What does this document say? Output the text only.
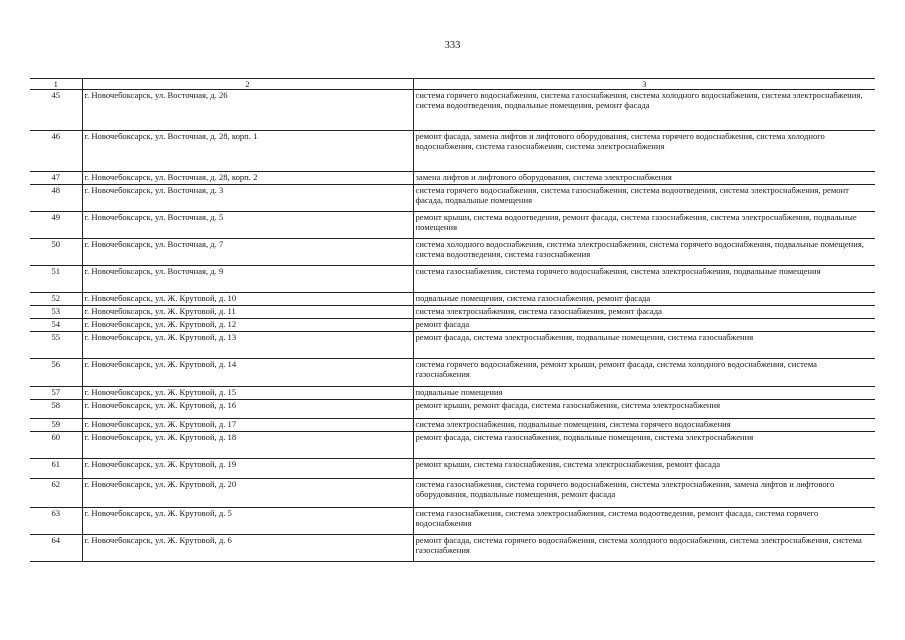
333
1	2	3
45	г. Новочебоксарск, ул. Восточная, д. 26	система горячего водоснабжения, система газоснабжения, система холодного водоснабжения, система электроснабжения, система водоотведения, подвальные помещения, ремонт фасада
46	г. Новочебоксарск, ул. Восточная, д. 28, корп. 1	ремонт фасада, замена лифтов и лифтового оборудования, система горячего водоснабжения, система холодного водоснабжения, система газоснабжения, система электроснабжения
47	г. Новочебоксарск, ул. Восточная, д. 28, корп. 2	замена лифтов и лифтового оборудования, система электроснабжения
48	г. Новочебоксарск, ул. Восточная, д. 3	система горячего водоснабжения, система газоснабжения, система водоотведения, система электроснабжения, ремонт фасада, подвальные помещения
49	г. Новочебоксарск, ул. Восточная, д. 5	ремонт крыши, система водоотведения, ремонт фасада, система газоснабжения, система электроснабжения, подвальные помещения
50	г. Новочебоксарск, ул. Восточная, д. 7	система холодного водоснабжения, система электроснабжения, система горячего водоснабжения, подвальные помещения, система водоотведения, система газоснабжения
51	г. Новочебоксарск, ул. Восточная, д. 9	система газоснабжения, система горячего водоснабжения, система электроснабжения, подвальные помещения
52	г. Новочебоксарск, ул. Ж. Крутовой, д. 10	подвальные помещения, система газоснабжения, ремонт фасада
53	г. Новочебоксарск, ул. Ж. Крутовой, д. 11	система электроснабжения, система газоснабжения, ремонт фасада
54	г. Новочебоксарск, ул. Ж. Крутовой, д. 12	ремонт фасада
55	г. Новочебоксарск, ул. Ж. Крутовой, д. 13	ремонт фасада, система электроснабжения, подвальные помещения, система газоснабжения
56	г. Новочебоксарск, ул. Ж. Крутовой, д. 14	система горячего водоснабжения, ремонт крыши, ремонт фасада, система холодного водоснабжения, система газоснабжения
57	г. Новочебоксарск, ул. Ж. Крутовой, д. 15	подвальные помещения
58	г. Новочебоксарск, ул. Ж. Крутовой, д. 16	ремонт крыши, ремонт фасада, система газоснабжения, система электроснабжения
59	г. Новочебоксарск, ул. Ж. Крутовой, д. 17	система электроснабжения, подвальные помещения, система горячего водоснабжения
60	г. Новочебоксарск, ул. Ж. Крутовой, д. 18	ремонт фасада, система газоснабжения, подвальные помещения, система электроснабжения
61	г. Новочебоксарск, ул. Ж. Крутовой, д. 19	ремонт крыши, система газоснабжения, система электроснабжения, ремонт фасада
62	г. Новочебоксарск, ул. Ж. Крутовой, д. 20	система газоснабжения, система горячего водоснабжения, система электроснабжения, замена лифтов и лифтового оборудования, подвальные помещения, ремонт фасада
63	г. Новочебоксарск, ул. Ж. Крутовой, д. 5	система газоснабжения, система электроснабжения, система водоотведения, ремонт фасада, система горячего водоснабжения
64	г. Новочебоксарск, ул. Ж. Крутовой, д. 6	ремонт фасада, система горячего водоснабжения, система холодного водоснабжения, система электроснабжения, система газоснабжения
